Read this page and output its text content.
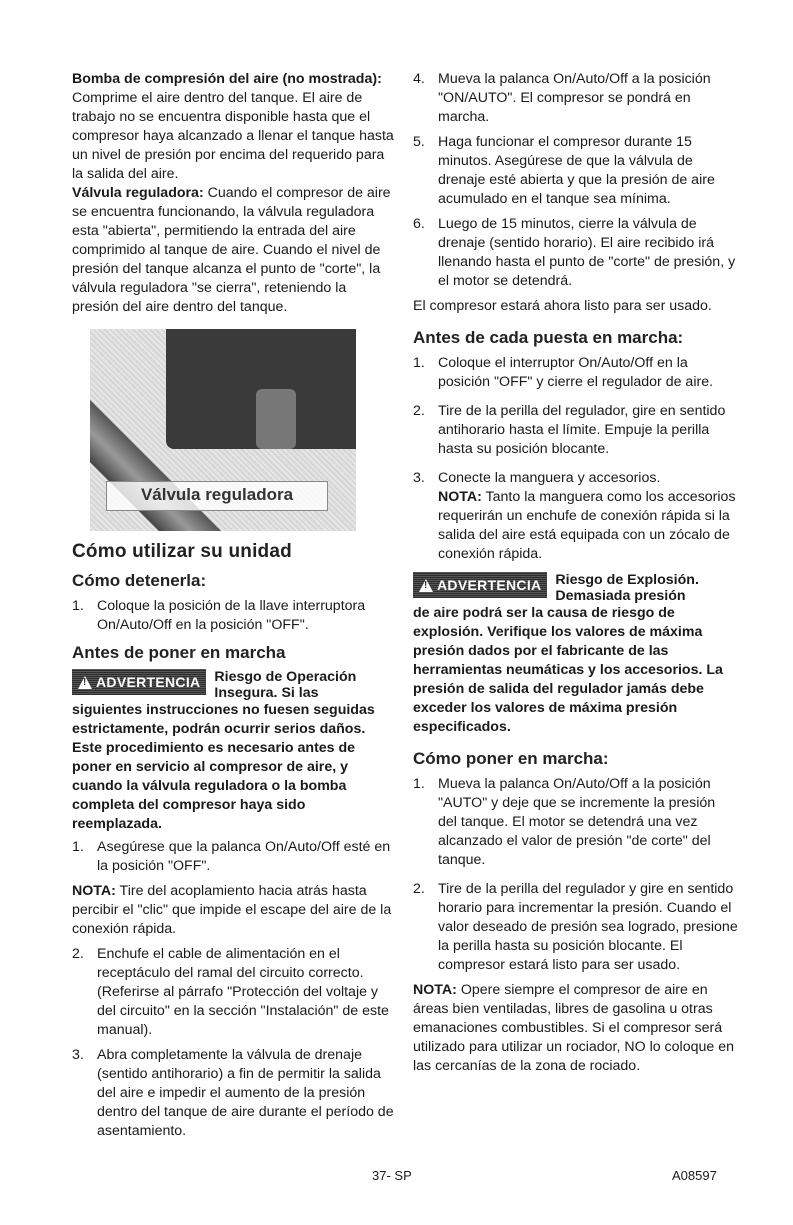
Bomba de compresión del aire (no mostrada): Comprime el aire dentro del tanque. El aire de trabajo no se encuentra disponible hasta que el compresor haya alcanzado a llenar el tanque hasta un nivel de presión por encima del requerido para la salida del aire.

Válvula reguladora: Cuando el compresor de aire se encuentra funcionando, la válvula reguladora esta "abierta", permitiendo la entrada del aire comprimido al tanque de aire. Cuando el nivel de presión del tanque alcanza el punto de "corte", la válvula reguladora "se cierra", reteniendo la presión del aire dentro del tanque.

Válvula reguladora
Cómo utilizar su unidad
Cómo detenerla:
1. Coloque la posición de la llave interruptora On/Auto/Off en la posición "OFF".
Antes de poner en marcha
!
ADVERTENCIA Riesgo de Operación Insegura. Si las

siguientes instrucciones no fuesen seguidas estrictamente, podrán ocurrir serios daños. Este procedimiento es necesario antes de poner en servicio al compresor de aire, y cuando la válvula reguladora o la bomba completa del compresor haya sido reemplazada.

1. Asegúrese que la palanca On/Auto/Off esté en la posición "OFF".

NOTA: Tire del acoplamiento hacia atrás hasta percibir el "clic" que impide el escape del aire de la conexión rápida.

2. Enchufe el cable de alimentación en el receptáculo del ramal del circuito correcto. (Referirse al párrafo "Protección del voltaje y del circuito" en la sección "Instalación" de este manual).
3. Abra completamente la válvula de drenaje (sentido antihorario) a fin de permitir la salida del aire e impedir el aumento de la presión dentro del tanque de aire durante el período de asentamiento.
4. Mueva la palanca On/Auto/Off a la posición "ON/AUTO". El compresor se pondrá en marcha.
5. Haga funcionar el compresor durante 15 minutos. Asegúrese de que la válvula de drenaje esté abierta y que la presión de aire acumulado en el tanque sea mínima.
6. Luego de 15 minutos, cierre la válvula de drenaje (sentido horario). El aire recibido irá llenando hasta el punto de "corte" de presión, y el motor se detendrá.

El compresor estará ahora listo para ser usado.

Antes de cada puesta en marcha:
1. Coloque el interruptor On/Auto/Off en la posición "OFF" y cierre el regulador de aire.
2. Tire de la perilla del regulador, gire en sentido antihorario hasta el límite. Empuje la perilla hasta su posición blocante.
3. Conecte la manguera y accesorios.
NOTA: Tanto la manguera como los accesorios requerirán un enchufe de conexión rápida si la salida del aire está equipada con un zócalo de conexión rápida.
!
ADVERTENCIA Riesgo de Explosión. Demasiada presión

de aire podrá ser la causa de riesgo de explosión. Verifique los valores de máxima presión dados por el fabricante de las herramientas neumáticas y los accesorios. La presión de salida del regulador jamás debe exceder los valores de máxima presión especificados.

Cómo poner en marcha:
1. Mueva la palanca On/Auto/Off a la posición "AUTO" y deje que se incremente la presión del tanque. El motor se detendrá una vez alcanzado el valor de presión "de corte" del tanque.
2. Tire de la perilla del regulador y gire en sentido horario para incrementar la presión. Cuando el valor deseado de presión sea logrado, presione la perilla hasta su posición blocante. El compresor estará listo para ser usado.

NOTA: Opere siempre el compresor de aire en áreas bien ventiladas, libres de gasolina u otras emanaciones combustibles. Si el compresor será utilizado para utilizar un rociador, NO lo coloque en las cercanías de la zona de rociado.

37- SP	A08597
